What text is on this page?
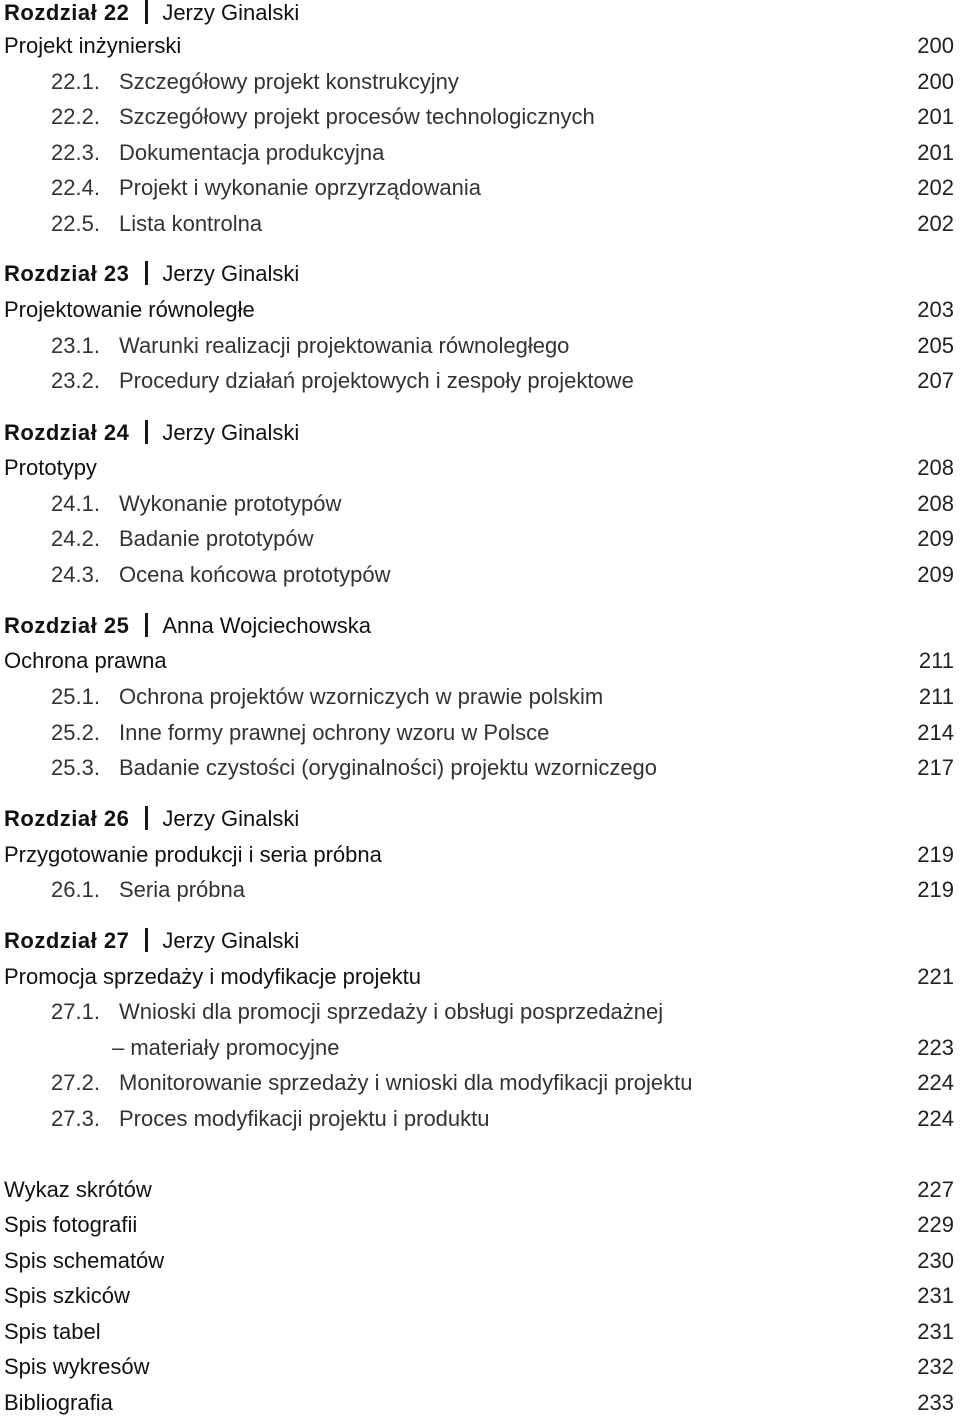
Rozdział 22 Jerzy Ginalski
Projekt inżynierski	200
22.1. Szczegółowy projekt konstrukcyjny	200
22.2. Szczegółowy projekt procesów technologicznych	201
22.3. Dokumentacja produkcyjna	201
22.4. Projekt i wykonanie oprzyrządowania	202
22.5. Lista kontrolna	202
Rozdział 23 Jerzy Ginalski
Projektowanie równoległe	203
23.1. Warunki realizacji projektowania równoległego	205
23.2. Procedury działań projektowych i zespoły projektowe	207
Rozdział 24 Jerzy Ginalski
Prototypy	208
24.1. Wykonanie prototypów	208
24.2. Badanie prototypów	209
24.3. Ocena końcowa prototypów	209
Rozdział 25 Anna Wojciechowska
Ochrona prawna	211
25.1. Ochrona projektów wzorniczych w prawie polskim	211
25.2. Inne formy prawnej ochrony wzoru w Polsce	214
25.3. Badanie czystości (oryginalności) projektu wzorniczego	217
Rozdział 26 Jerzy Ginalski
Przygotowanie produkcji i seria próbna	219
26.1. Seria próbna	219
Rozdział 27 Jerzy Ginalski
Promocja sprzedaży i modyfikacje projektu	221
27.1. Wnioski dla promocji sprzedaży i obsługi posprzedażnej
– materiały promocyjne	223
27.2. Monitorowanie sprzedaży i wnioski dla modyfikacji projektu	224
27.3. Proces modyfikacji projektu i produktu	224
Wykaz skrótów	227
Spis fotografii	229
Spis schematów	230
Spis szkiców	231
Spis tabel	231
Spis wykresów	232
Bibliografia	233
